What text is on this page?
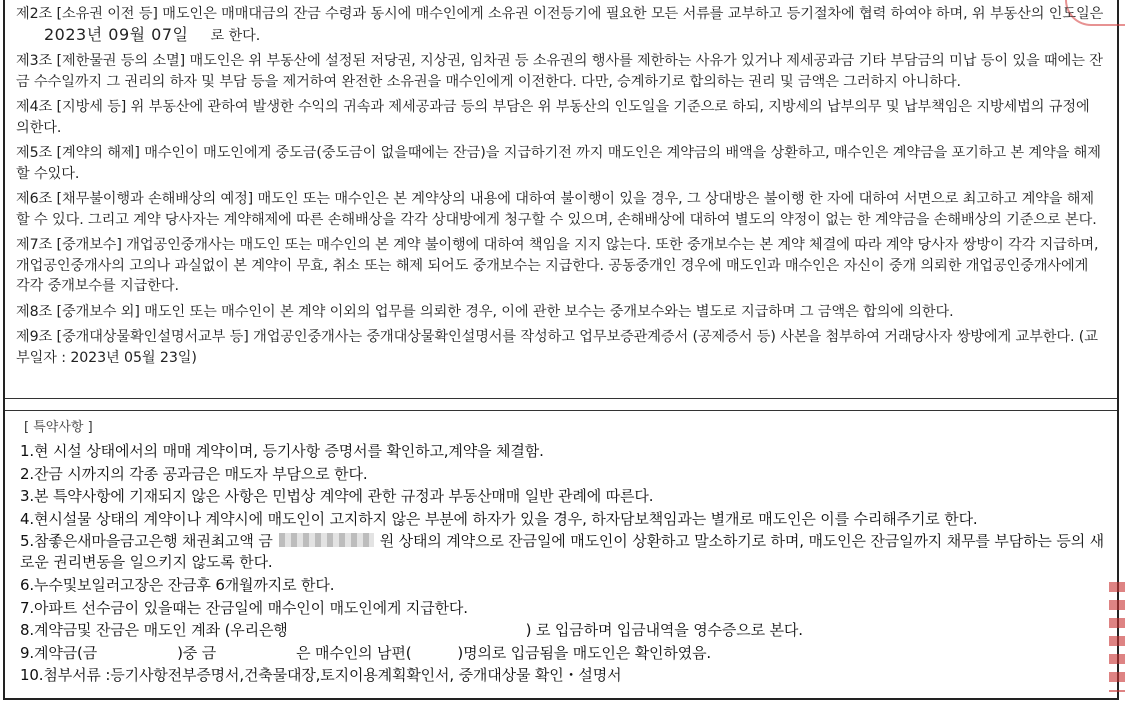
제2조 [소유권 이전 등] 매도인은 매매대금의 잔금 수령과 동시에 매수인에게 소유권 이전등기에 필요한 모든 서류를 교부하고 등기절차에 협력 하여야 하며, 위 부동산의 인도일은2023년 09월 07일 로 한다.

제3조 [제한물권 등의 소멸] 매도인은 위 부동산에 설정된 저당권, 지상권, 임차권 등 소유권의 행사를 제한하는 사유가 있거나 제세공과금 기타 부담금의 미납 등이 있을 때에는 잔금 수수일까지 그 권리의 하자 및 부담 등을 제거하여 완전한 소유권을 매수인에게 이전한다. 다만, 승계하기로 합의하는 권리 및 금액은 그러하지 아니하다.

제4조 [지방세 등] 위 부동산에 관하여 발생한 수익의 귀속과 제세공과금 등의 부담은 위 부동산의 인도일을 기준으로 하되, 지방세의 납부의무 및 납부책임은 지방세법의 규정에 의한다.

제5조 [계약의 해제] 매수인이 매도인에게 중도금(중도금이 없을때에는 잔금)을 지급하기전 까지 매도인은 계약금의 배액을 상환하고, 매수인은 계약금을 포기하고 본 계약을 해제할 수있다.

제6조 [채무불이행과 손해배상의 예정] 매도인 또는 매수인은 본 계약상의 내용에 대하여 불이행이 있을 경우, 그 상대방은 불이행 한 자에 대하여 서면으로 최고하고 계약을 해제할 수 있다. 그리고 계약 당사자는 계약해제에 따른 손해배상을 각각 상대방에게 청구할 수 있으며, 손해배상에 대하여 별도의 약정이 없는 한 계약금을 손해배상의 기준으로 본다.

제7조 [중개보수] 개업공인중개사는 매도인 또는 매수인의 본 계약 불이행에 대하여 책임을 지지 않는다. 또한 중개보수는 본 계약 체결에 따라 계약 당사자 쌍방이 각각 지급하며, 개업공인중개사의 고의나 과실없이 본 계약이 무효, 취소 또는 해제 되어도 중개보수는 지급한다. 공동중개인 경우에 매도인과 매수인은 자신이 중개 의뢰한 개업공인중개사에게 각각 중개보수를 지급한다.

제8조 [중개보수 외] 매도인 또는 매수인이 본 계약 이외의 업무를 의뢰한 경우, 이에 관한 보수는 중개보수와는 별도로 지급하며 그 금액은 합의에 의한다.

제9조 [중개대상물확인설명서교부 등] 개업공인중개사는 중개대상물확인설명서를 작성하고 업무보증관계증서 (공제증서 등) 사본을 첨부하여 거래당사자 쌍방에게 교부한다. (교부일자 : 2023년 05월 23일)

[ 특약사항 ]
1.현 시설 상태에서의 매매 계약이며, 등기사항 증명서를 확인하고,계약을 체결함.
2.잔금 시까지의 각종 공과금은 매도자 부담으로 한다.
3.본 특약사항에 기재되지 않은 사항은 민법상 계약에 관한 규정과 부동산매매 일반 관례에 따른다.
4.현시설물 상태의 계약이나 계약시에 매도인이 고지하지 않은 부분에 하자가 있을 경우, 하자담보책임과는 별개로 매도인은 이를 수리해주기로 한다.
5.참좋은새마을금고은행 채권최고액 금	원 상태의 계약으로 잔금일에 매도인이 상환하고 말소하기로 하며, 매도인은 잔금일까지 채무를 부담하는 등의 새로운 권리변동을 일으키지 않도록 한다.
6.누수및보일러고장은 잔금후 6개월까지로 한다.
7.아파트 선수금이 있을때는 잔금일에 매수인이 매도인에게 지급한다.
8.계약금및 잔금은 매도인 계좌 (우리은행	) 로 입금하며 입금내역을 영수증으로 본다.
9.계약금(금	)중 금	은 매수인의 남편(	)명의로 입금됨을 매도인은 확인하였음.
10.첨부서류 :등기사항전부증명서,건축물대장,토지이용계획확인서, 중개대상물 확인・설명서
